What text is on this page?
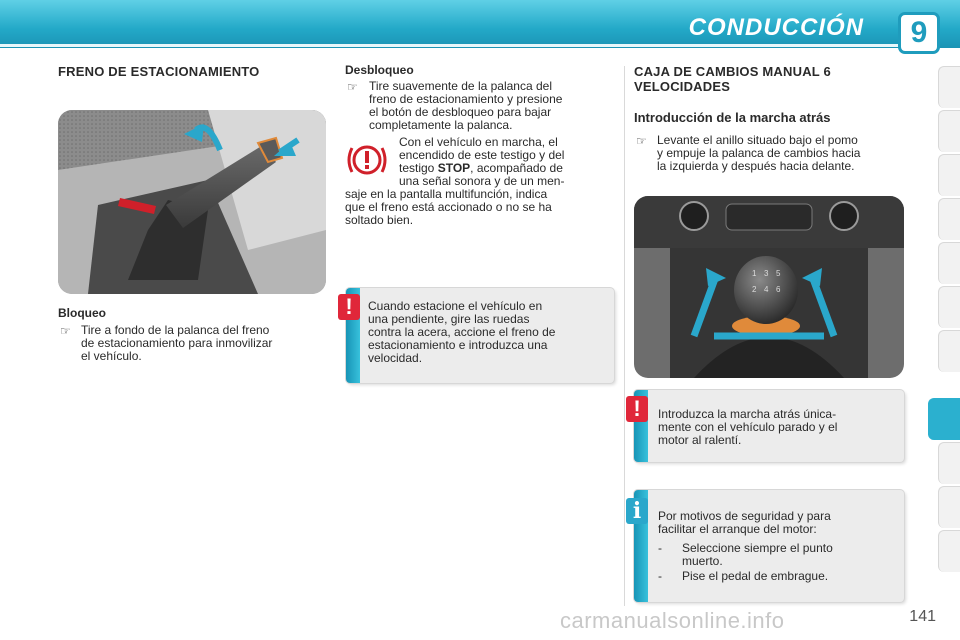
CONDUCCIÓN	9
FRENO DE ESTACIONAMIENTO
Bloqueo
☞ Tire a fondo de la palanca del freno
de estacionamiento para inmovilizar
el vehículo.
Desbloqueo
☞ Tire suavemente de la palanca del
freno de estacionamiento y presione
el botón de desbloqueo para bajar
completamente la palanca.
Con el vehículo en marcha, el
encendido de este testigo y del
testigo STOP, acompañado de
una señal sonora y de un men-
saje en la pantalla multifunción, indica
que el freno está accionado o no se ha
soltado bien.
!	Cuando estacione el vehículo en
una pendiente, gire las ruedas
contra la acera, accione el freno de
estacionamiento e introduzca una
velocidad.
CAJA DE CAMBIOS MANUAL 6
VELOCIDADES
Introducción de la marcha atrás
☞ Levante el anillo situado bajo el pomo
y empuje la palanca de cambios hacia
la izquierda y después hacia delante.
1 3 5
2 4 6
!	Introduzca la marcha atrás única-
mente con el vehículo parado y el
motor al ralentí.
i	Por motivos de seguridad y para
facilitar el arranque del motor:
-	Seleccione siempre el punto
muerto.
-	Pise el pedal de embrague.
carmanualsonline.info	141
